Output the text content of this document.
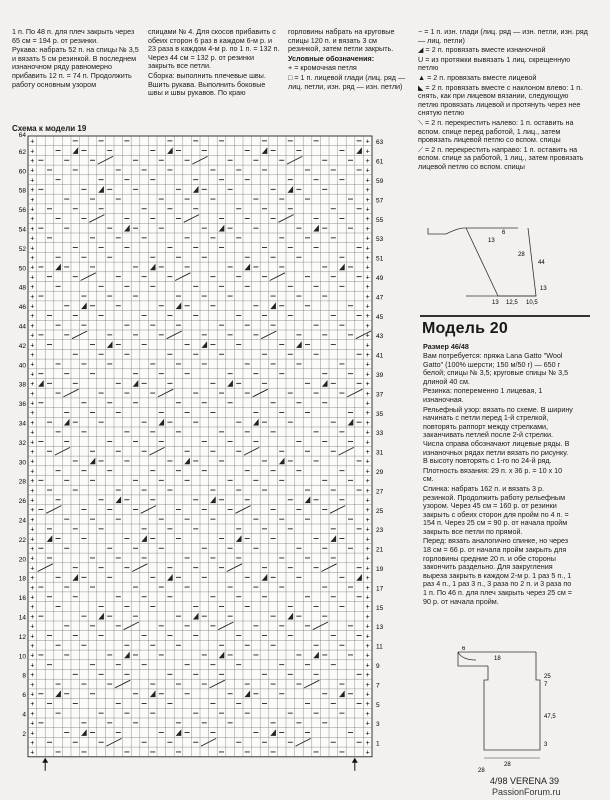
1 п. По 48 п. для плеч закрыть через 65 см = 194 р. от резинки.

Рукава: набрать 52 п. на спицы № 3,5 и вязать 5 см резинкой. В последнем изнаночном ряду равномерно прибавить 12 п. = 74 п. Продолжить работу основным узором

спицами № 4. Для скосов прибавить с обеих сторон 6 раз в каждом 6-м р. и 23 раза в каждом 4-м р. по 1 п. = 132 п. Через 44 см = 132 р. от резинки закрыть все петли.

Сборка: выполнить плечевые швы. Вшить рукава. Выполнить боковые швы и швы рукавов. По краю

горловины набрать на круговые спицы 120 п. и вязать 3 см резинкой, затем петли закрыть.

Условные обозначения:

+ = кромочная петля

□ = 1 п. лицевой глади (лиц. ряд — лиц. петли, изн. ряд — изн. петли)

− = 1 п. изн. глади (лиц. ряд — изн. петли, изн. ряд — лиц. петли)

◢ = 2 п. провязать вместе изнаночной

U = из протяжки вывязать 1 лиц. скрещенную петлю

▲ = 2 п. провязать вместе лицевой

◣ = 2 п. провязать вместе с наклоном влево: 1 п. снять, как при лицевом вязании, следующую петлю провязать лицевой и протянуть через нее снятую петлю

⟍ = 2 п. перекрестить налево: 1 п. оставить на вспом. спице перед работой, 1 лиц., затем провязать лицевой петлю со вспом. спицы

⟋ = 2 п. перекрестить направо: 1 п. оставить на вспом. спице за работой, 1 лиц., затем провязать лицевой петлю со вспом. спицы

Схема к модели 19
6
13
28
44
13
13 12,5 10,5
Модель 20
Размер 46/48

Вам потребуется: пряжа Lana Gatto "Wool Gatto" (100% шерсти; 150 м/50 г) — 650 г белой; спицы № 3,5; круговые спицы № 3,5 длиной 40 см.

Резинка: попеременно 1 лицевая, 1 изнаночная.

Рельефный узор: вязать по схеме. В ширину начинать с петли перед 1-й стрелкой, повторять раппорт между стрелками, заканчивать петлей после 2-й стрелки. Числа справа обозначают лицевые ряды. В изнаночных рядах петли вязать по рисунку. В высоту повторять с 1-го по 24-й ряд.

Плотность вязания: 29 п. х 36 р. = 10 х 10 см.

Спинка: набрать 162 п. и вязать 3 р. резинкой. Продолжить работу рельефным узором. Через 45 см = 160 р. от резинки закрыть с обеих сторон для пройм по 4 п. = 154 п. Через 25 см = 90 р. от начала пройм закрыть все петли по прямой.

Перед: вязать аналогично спинке, но через 18 см = 66 р. от начала пройм закрыть для горловины средние 20 п. и обе стороны закончить раздельно. Для закругления выреза закрыть в каждом 2-м р. 1 раз 5 п., 1 раз 4 п., 1 раз 3 п., 3 раза по 2 п. и 3 раза по 1 п. По 46 п. для плеч закрыть через 25 см = 90 р. от начала пройм.

6
18
25
7
47,5
3
28
28
+	+
+	+
+	+
+	+
+	+
+	+
+	+
+	+
+	+
+	+
+	+
+	+
+	+
+	+
+	+
+	+
+	+
+	+
+	+
+	+
+	+
+	+
+	+
+	+
+	+
+	+
+	+
+	+
+	+
+	+
+	+
+	+
+	+
+	+
+	+
+	+
+	+
+	+
+	+
+	+
+	+
+	+
+	+
+	+
+	+
+	+
+	+
+	+
+	+
+	+
+	+
+	+
+	+
+	+
+	+
+	+
+	+
+	+
+	+
+	+
+	+
+	+
+	+
+	+
63
61
59
57
55
53
51
49
47
45
43
41
39
37
35
33
31
29
27
25
23
21
19
17
15
13
11
9
7
5
3
1
64
62
60
58
56
54
52
50
48
46
44
42
40
38
36
34
32
30
28
26
24
22
20
18
16
14
12
10
8
6
4
2
4/98 VERENA 39
PassionForum.ru
